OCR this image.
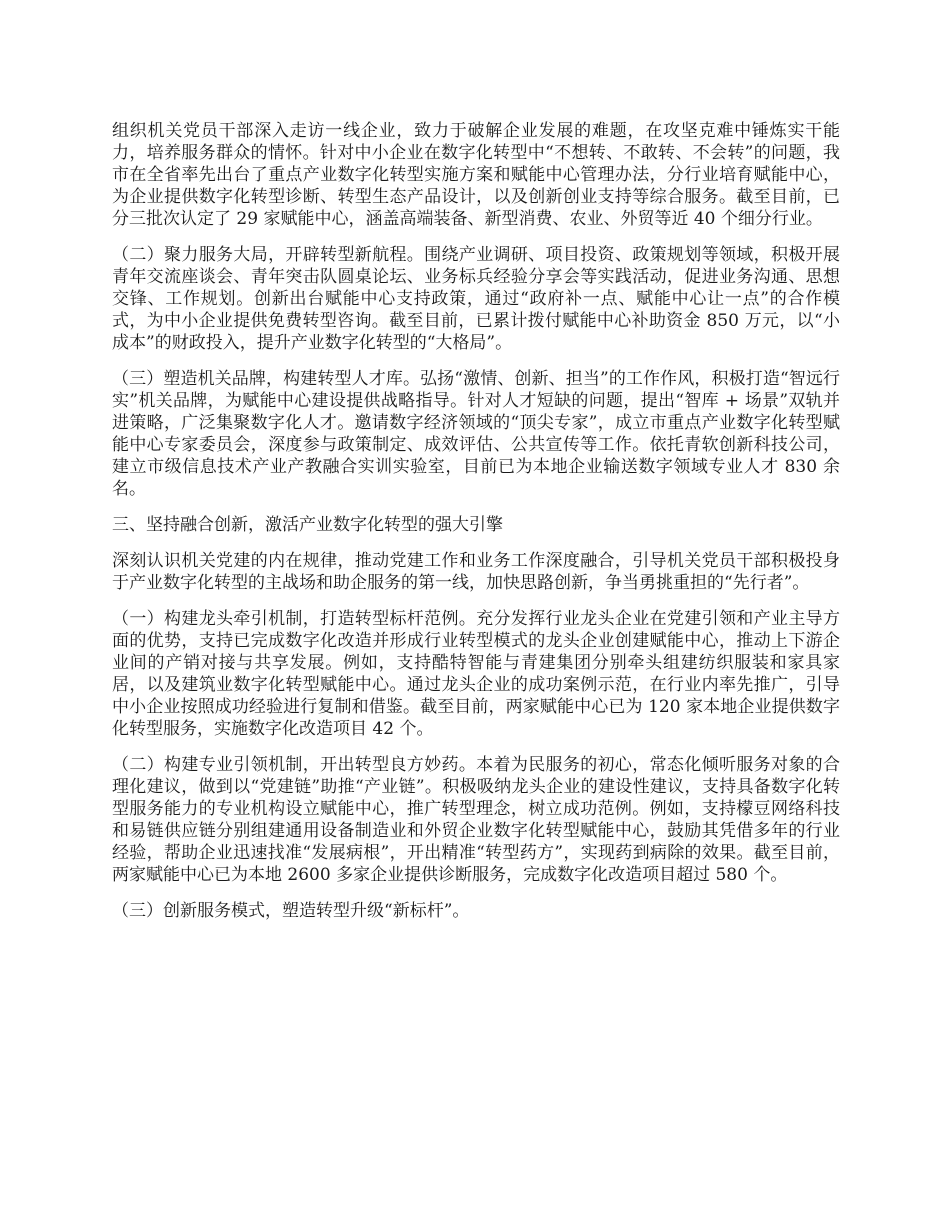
组织机关党员干部深入走访一线企业，致力于破解企业发展的难题，在攻坚克难中锤炼实干能力，培养服务群众的情怀。针对中小企业在数字化转型中“不想转、不敢转、不会转”的问题，我市在全省率先出台了重点产业数字化转型实施方案和赋能中心管理办法，分行业培育赋能中心，为企业提供数字化转型诊断、转型生态产品设计，以及创新创业支持等综合服务。截至目前，已分三批次认定了 29 家赋能中心，涵盖高端装备、新型消费、农业、外贸等近 40 个细分行业。

（二）聚力服务大局，开辟转型新航程。围绕产业调研、项目投资、政策规划等领域，积极开展青年交流座谈会、青年突击队圆桌论坛、业务标兵经验分享会等实践活动，促进业务沟通、思想交锋、工作规划。创新出台赋能中心支持政策，通过“政府补一点、赋能中心让一点”的合作模式，为中小企业提供免费转型咨询。截至目前，已累计拨付赋能中心补助资金 850 万元，以“小成本”的财政投入，提升产业数字化转型的“大格局”。

（三）塑造机关品牌，构建转型人才库。弘扬“激情、创新、担当”的工作作风，积极打造“智远行实”机关品牌，为赋能中心建设提供战略指导。针对人才短缺的问题，提出“智库 + 场景”双轨并进策略，广泛集聚数字化人才。邀请数字经济领域的“顶尖专家”，成立市重点产业数字化转型赋能中心专家委员会，深度参与政策制定、成效评估、公共宣传等工作。依托青软创新科技公司，建立市级信息技术产业产教融合实训实验室，目前已为本地企业输送数字领域专业人才 830 余名。

三、坚持融合创新，激活产业数字化转型的强大引擎

深刻认识机关党建的内在规律，推动党建工作和业务工作深度融合，引导机关党员干部积极投身于产业数字化转型的主战场和助企服务的第一线，加快思路创新，争当勇挑重担的“先行者”。

（一）构建龙头牵引机制，打造转型标杆范例。充分发挥行业龙头企业在党建引领和产业主导方面的优势，支持已完成数字化改造并形成行业转型模式的龙头企业创建赋能中心，推动上下游企业间的产销对接与共享发展。例如，支持酷特智能与青建集团分别牵头组建纺织服装和家具家居，以及建筑业数字化转型赋能中心。通过龙头企业的成功案例示范，在行业内率先推广，引导中小企业按照成功经验进行复制和借鉴。截至目前，两家赋能中心已为 120 家本地企业提供数字化转型服务，实施数字化改造项目 42 个。

（二）构建专业引领机制，开出转型良方妙药。本着为民服务的初心，常态化倾听服务对象的合理化建议，做到以“党建链”助推“产业链”。积极吸纳龙头企业的建设性建议，支持具备数字化转型服务能力的专业机构设立赋能中心，推广转型理念，树立成功范例。例如，支持檬豆网络科技和易链供应链分别组建通用设备制造业和外贸企业数字化转型赋能中心，鼓励其凭借多年的行业经验，帮助企业迅速找准“发展病根”，开出精准“转型药方”，实现药到病除的效果。截至目前，两家赋能中心已为本地 2600 多家企业提供诊断服务，完成数字化改造项目超过 580 个。

（三）创新服务模式，塑造转型升级“新标杆”。
